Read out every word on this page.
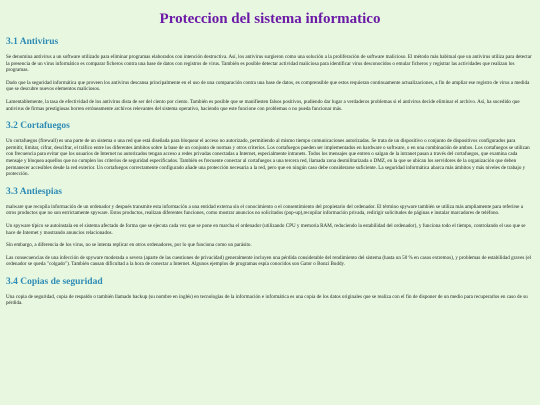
Proteccion del sistema informatico
3.1 Antivirus

Se denomina antivirus a un software utilizado para eliminar programas elaborados con intención destructiva. Así, los antivirus surgieron como una solución a la proliferación de software malicioso. El método más habitual que un antivirus utiliza para detectar la presencia de un virus informático es comparar ficheros contra una base de datos con registros de virus. También es posible detectar actividad maliciosa para identificar virus desconocidos o emular ficheros y registrar las actividades que realizan los programas.

Dado que la seguridad informática que proveen los antivirus descansa principalmente en el uso de una comparación contra una base de datos, es comprensible que estos requieran continuamente actualizaciones, a fin de ampliar ese registro de virus a medida que se descubre nuevos elementos maliciosos.

Lamentablemente, la tasa de efectividad de los antivirus dista de ser del ciento por ciento. También es posible que se manifiesten falsos positivos, pudiendo dar lugar a verdaderos problemas si el antivirus decide eliminar el archivo. Así, ha sucedido que antivirus de firmas prestigiosas borren erróneamente archivos relevantes del sistema operativo, haciendo que este funcione con problemas o no pueda funcionar más.

3.2 Cortafuegos

Un cortafuegos (firewall) es una parte de un sistema o una red que está diseñada para bloquear el acceso no autorizado, permitiendo al mismo tiempo comunicaciones autorizadas. Se trata de un dispositivo o conjunto de dispositivos configurados para permitir, limitar, cifrar, descifrar, el tráfico entre los diferentes ámbitos sobre la base de un conjunto de normas y otros criterios. Los cortafuegos pueden ser implementados en hardware o software, o en una combinación de ambos. Los cortafuegos se utilizan con frecuencia para evitar que los usuarios de Internet no autorizados tengan acceso a redes privadas conectadas a Internet, especialmente intranets. Todos los mensajes que entren o salgan de la intranet pasan a través del cortafuegos, que examina cada mensaje y bloquea aquellos que no cumplen los criterios de seguridad especificados. También es frecuente conectar al cortafuegos a una tercera red, llamada zona desmilitarizada o DMZ, en la que se ubican los servidores de la organización que deben permanecer accesibles desde la red exterior. Un cortafuegos correctamente configurado añade una protección necesaria a la red, pero que en ningún caso debe considerarse suficiente. La seguridad informática abarca más ámbitos y más niveles de trabajo y protección.

3.3 Antiespias

malware que recopila información de un ordenador y después transmite esta información a una entidad externa sin el conocimiento o el consentimiento del propietario del ordenador. El término spyware también se utiliza más ampliamente para referirse a otros productos que no son estrictamente spyware. Estos productos, realizan diferentes funciones, como mostrar anuncios no solicitados (pop-up),recopilar información privada, redirigir solicitudes de páginas e instalar marcadores de teléfono.

Un spyware típico se autoinstala en el sistema afectado de forma que se ejecuta cada vez que se pone en marcha el ordenador (utilizando CPU y memoria RAM, reduciendo la estabilidad del ordenador), y funciona todo el tiempo, controlando el uso que se hace de Internet y mostrando anuncios relacionados.

Sin embargo, a diferencia de los virus, no se intenta replicar en otros ordenadores, por lo que funciona como un parásito.

Las consecuencias de una infección de spyware moderada o severa (aparte de las cuestiones de privacidad) generalmente incluyen una pérdida considerable del rendimiento del sistema (hasta un 50 % en casos extremos), y problemas de estabilidad graves (el ordenador se queda "colgado"). También causan dificultad a la hora de conectar a Internet. Algunos ejemplos de programas espía conocidos son Gator o Bonzi Buddy.

3.4 Copias de seguridad

Una copia de seguridad, copia de respaldo o también llamado backup (su nombre en inglés) en tecnologías de la información e informática es una copia de los datos originales que se realiza con el fin de disponer de un medio para recuperarlos en caso de su pérdida.
